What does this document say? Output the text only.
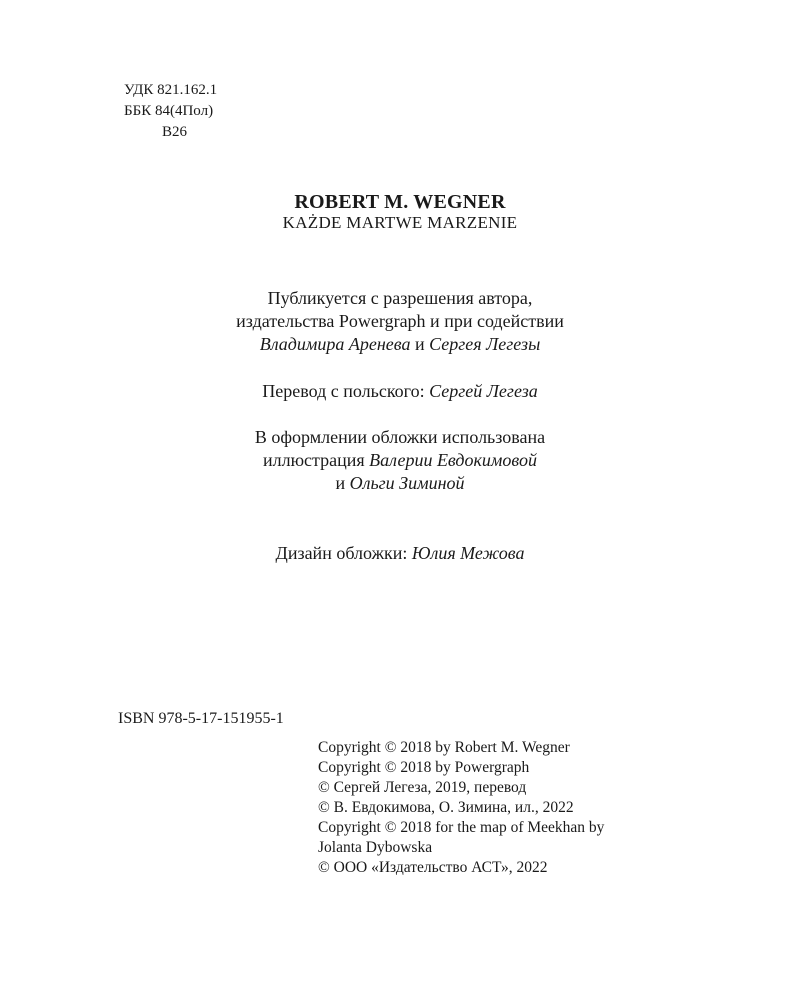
УДК 821.162.1
ББК 84(4Пол)
В26
ROBERT M. WEGNER
KAŻDE MARTWE MARZENIE
Публикуется с разрешения автора,
издательства Powergraph и при содействии
Владимира Аренева и Сергея Легезы
Перевод с польского: Сергей Легеза
В оформлении обложки использована
иллюстрация Валерии Евдокимовой
и Ольги Зиминой
Дизайн обложки: Юлия Межова
ISBN 978-5-17-151955-1
Copyright © 2018 by Robert M. Wegner
Copyright © 2018 by Powergraph
© Сергей Легеза, 2019, перевод
© В. Евдокимова, О. Зимина, ил., 2022
Copyright © 2018 for the map of Meekhan by
Jolanta Dybowska
© ООО «Издательство АСТ», 2022
